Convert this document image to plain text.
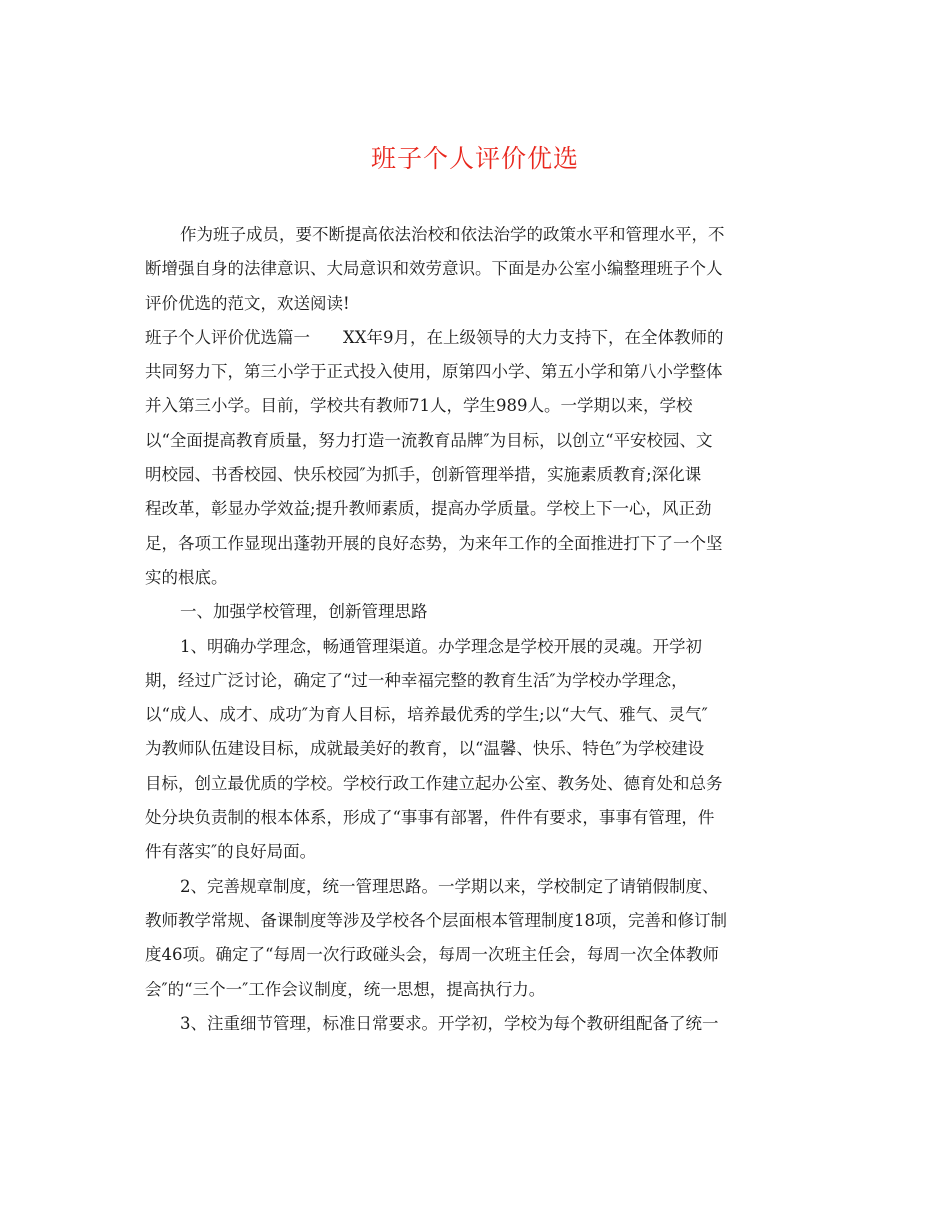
班子个人评价优选
作为班子成员，要不断提高依法治校和依法治学的政策水平和管理水平，不
断增强自身的法律意识、大局意识和效劳意识。下面是办公室小编整理班子个人
评价优选的范文，欢送阅读!
班子个人评价优选篇一　　XX年9月，在上级领导的大力支持下，在全体教师的
共同努力下，第三小学于正式投入使用，原第四小学、第五小学和第八小学整体
并入第三小学。目前，学校共有教师71人，学生989人。一学期以来，学校
以“全面提高教育质量，努力打造一流教育品牌″为目标，以创立“平安校园、文
明校园、书香校园、快乐校园″为抓手，创新管理举措，实施素质教育;深化课
程改革，彰显办学效益;提升教师素质，提高办学质量。学校上下一心，风正劲
足，各项工作显现出蓬勃开展的良好态势，为来年工作的全面推进打下了一个坚
实的根底。
一、加强学校管理，创新管理思路
1、明确办学理念，畅通管理渠道。办学理念是学校开展的灵魂。开学初
期，经过广泛讨论，确定了“过一种幸福完整的教育生活″为学校办学理念，
以“成人、成才、成功″为育人目标，培养最优秀的学生;以“大气、雅气、灵气″
为教师队伍建设目标，成就最美好的教育，以“温馨、快乐、特色″为学校建设
目标，创立最优质的学校。学校行政工作建立起办公室、教务处、德育处和总务
处分块负责制的根本体系，形成了“事事有部署，件件有要求，事事有管理，件
件有落实″的良好局面。
2、完善规章制度，统一管理思路。一学期以来，学校制定了请销假制度、
教师教学常规、备课制度等涉及学校各个层面根本管理制度18项，完善和修订制
度46项。确定了“每周一次行政碰头会，每周一次班主任会，每周一次全体教师
会″的“三个一″工作会议制度，统一思想，提高执行力。
3、注重细节管理，标准日常要求。开学初，学校为每个教研组配备了统一
